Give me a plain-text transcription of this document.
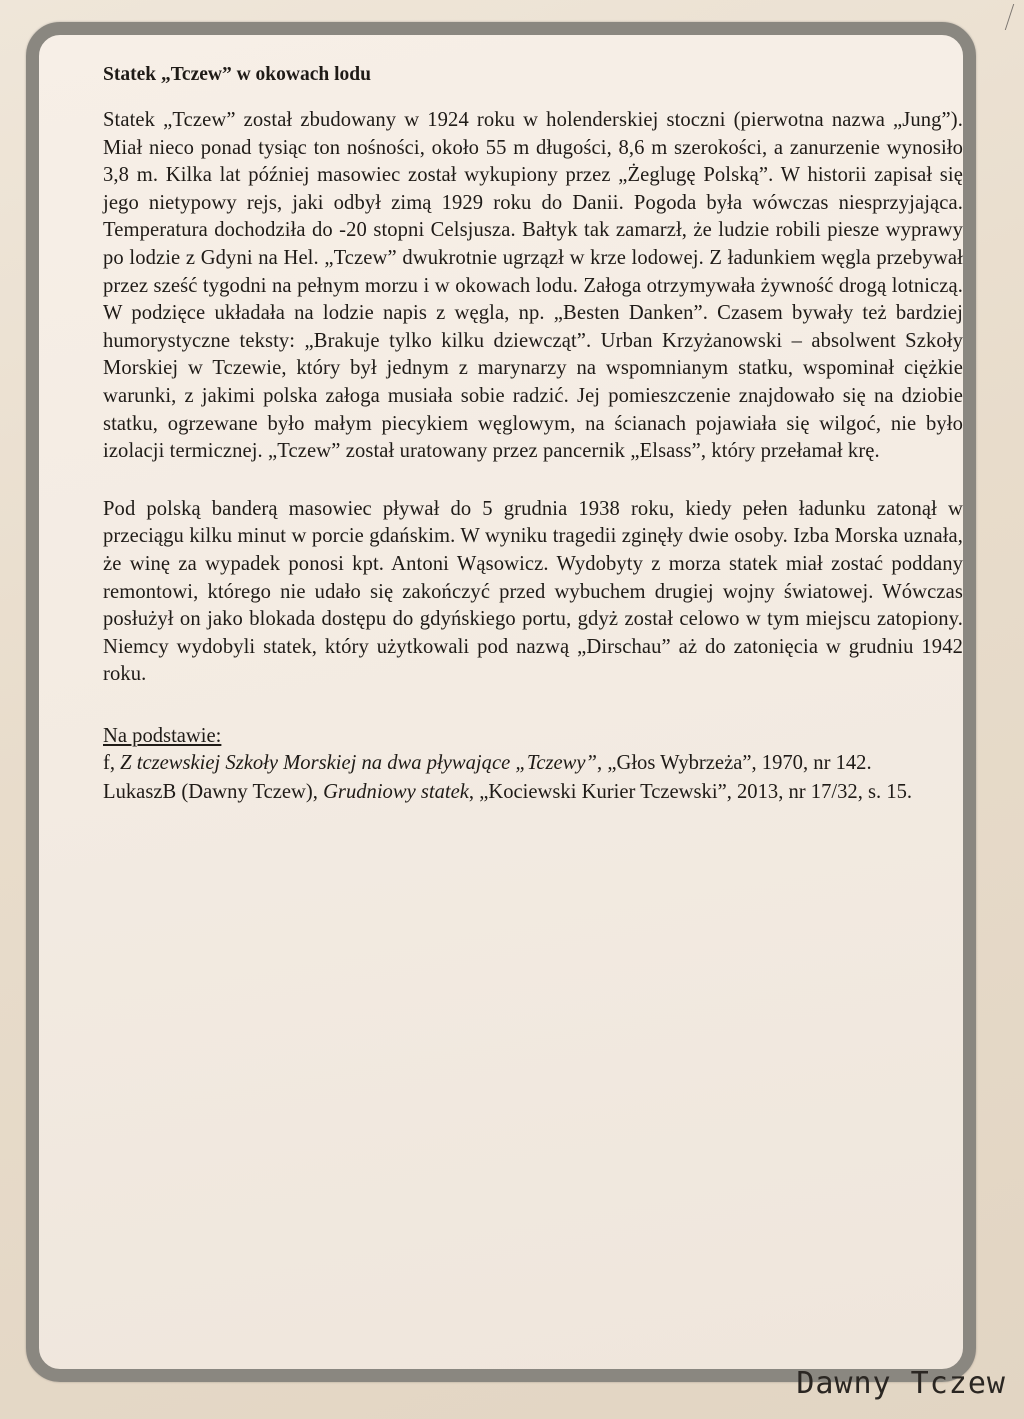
Statek „Tczew” w okowach lodu

Statek „Tczew” został zbudowany w 1924 roku w holenderskiej stoczni (pierwotna nazwa „Jung”). Miał nieco ponad tysiąc ton nośności, około 55 m długości, 8,6 m szerokości, a zanurzenie wynosiło 3,8 m. Kilka lat później masowiec został wykupiony przez „Żeglugę Polską”. W historii zapisał się jego nietypowy rejs, jaki odbył zimą 1929 roku do Danii. Pogoda była wówczas niesprzyjająca. Temperatura dochodziła do -20 stopni Celsjusza. Bałtyk tak zamarzł, że ludzie robili piesze wyprawy po lodzie z Gdyni na Hel. „Tczew” dwukrotnie ugrzązł w krze lodowej. Z ładunkiem węgla przebywał przez sześć tygodni na pełnym morzu i w okowach lodu. Załoga otrzymywała żywność drogą lotniczą. W podzięce układała na lodzie napis z węgla, np. „Besten Danken”. Czasem bywały też bardziej humorystyczne teksty: „Brakuje tylko kilku dziewcząt”. Urban Krzyżanowski – absolwent Szkoły Morskiej w Tczewie, który był jednym z marynarzy na wspomnianym statku, wspominał ciężkie warunki, z jakimi polska załoga musiała sobie radzić. Jej pomieszczenie znajdowało się na dziobie statku, ogrzewane było małym piecykiem węglowym, na ścianach pojawiała się wilgoć, nie było izolacji termicznej. „Tczew” został uratowany przez pancernik „Elsass”, który przełamał krę.

Pod polską banderą masowiec pływał do 5 grudnia 1938 roku, kiedy pełen ładunku zatonął w przeciągu kilku minut w porcie gdańskim. W wyniku tragedii zginęły dwie osoby. Izba Morska uznała, że winę za wypadek ponosi kpt. Antoni Wąsowicz. Wydobyty z morza statek miał zostać poddany remontowi, którego nie udało się zakończyć przed wybuchem drugiej wojny światowej. Wówczas posłużył on jako blokada dostępu do gdyńskiego portu, gdyż został celowo w tym miejscu zatopiony. Niemcy wydobyli statek, który użytkowali pod nazwą „Dirschau” aż do zatonięcia w grudniu 1942 roku.

Na podstawie:
f, Z tczewskiej Szkoły Morskiej na dwa pływające „Tczewy”, „Głos Wybrzeża”, 1970, nr 142.
LukaszB (Dawny Tczew), Grudniowy statek, „Kociewski Kurier Tczewski”, 2013, nr 17/32, s. 15.
Dawny Tczew
